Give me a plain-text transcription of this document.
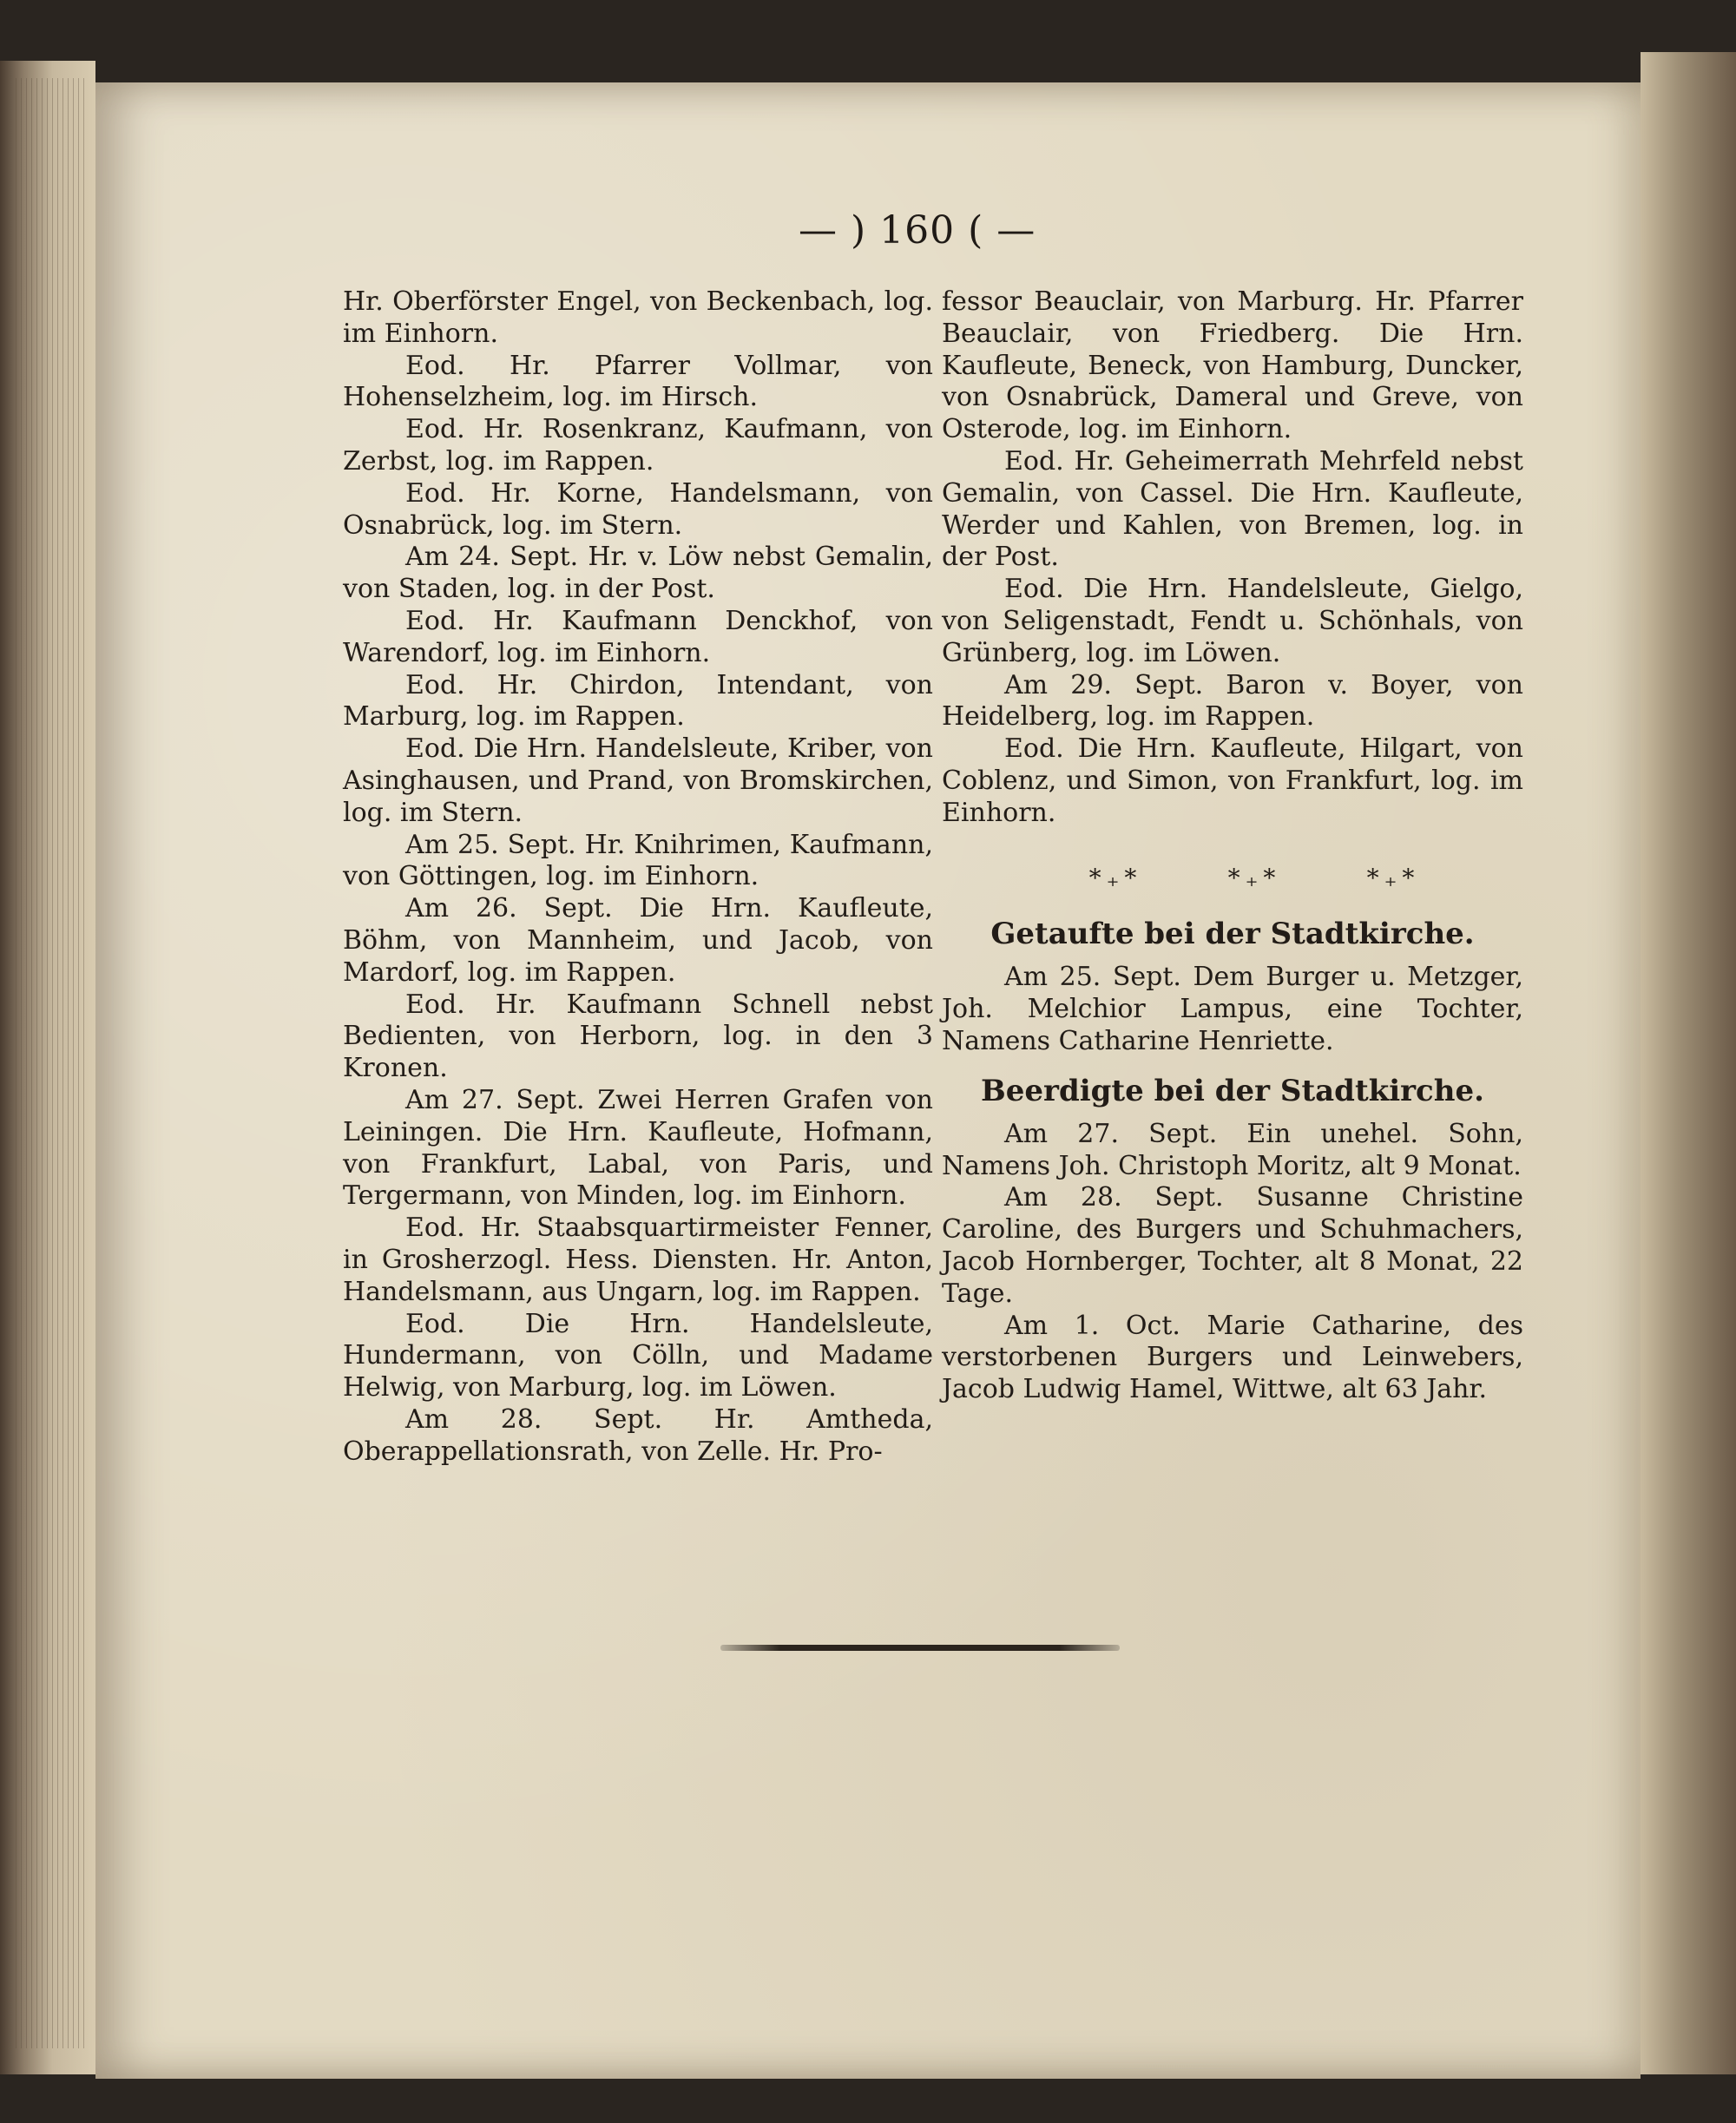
— ) 160 ( —

Hr. Oberförster Engel, von Beckenbach, log. im Einhorn.

Eod. Hr. Pfarrer Vollmar, von Hohenselzheim, log. im Hirsch.

Eod. Hr. Rosenkranz, Kaufmann, von Zerbst, log. im Rappen.

Eod. Hr. Korne, Handelsmann, von Osnabrück, log. im Stern.

Am 24. Sept. Hr. v. Löw nebst Gemalin, von Staden, log. in der Post.

Eod. Hr. Kaufmann Denckhof, von Warendorf, log. im Einhorn.

Eod. Hr. Chirdon, Intendant, von Marburg, log. im Rappen.

Eod. Die Hrn. Handelsleute, Kriber, von Asinghausen, und Prand, von Bromskirchen, log. im Stern.

Am 25. Sept. Hr. Knihrimen, Kaufmann, von Göttingen, log. im Einhorn.

Am 26. Sept. Die Hrn. Kaufleute, Böhm, von Mannheim, und Jacob, von Mardorf, log. im Rappen.

Eod. Hr. Kaufmann Schnell nebst Bedienten, von Herborn, log. in den 3 Kronen.

Am 27. Sept. Zwei Herren Grafen von Leiningen. Die Hrn. Kaufleute, Hofmann, von Frankfurt, Labal, von Paris, und Tergermann, von Minden, log. im Einhorn.

Eod. Hr. Staabsquartirmeister Fenner, in Grosherzogl. Hess. Diensten. Hr. Anton, Handelsmann, aus Ungarn, log. im Rappen.

Eod. Die Hrn. Handelsleute, Hundermann, von Cölln, und Madame Helwig, von Marburg, log. im Löwen.

Am 28. Sept. Hr. Amtheda, Oberappellationsrath, von Zelle. Hr. Pro-

fessor Beauclair, von Marburg. Hr. Pfarrer Beauclair, von Friedberg. Die Hrn. Kaufleute, Beneck, von Hamburg, Duncker, von Osnabrück, Dameral und Greve, von Osterode, log. im Einhorn.

Eod. Hr. Geheimerrath Mehrfeld nebst Gemalin, von Cassel. Die Hrn. Kaufleute, Werder und Kahlen, von Bremen, log. in der Post.

Eod. Die Hrn. Handelsleute, Gielgo, von Seligenstadt, Fendt u. Schönhals, von Grünberg, log. im Löwen.

Am 29. Sept. Baron v. Boyer, von Heidelberg, log. im Rappen.

Eod. Die Hrn. Kaufleute, Hilgart, von Coblenz, und Simon, von Frankfurt, log. im Einhorn.

*₊*	*₊*	*₊*
Getaufte bei der Stadtkirche.

Am 25. Sept. Dem Burger u. Metzger, Joh. Melchior Lampus, eine Tochter, Namens Catharine Henriette.

Beerdigte bei der Stadtkirche.

Am 27. Sept. Ein unehel. Sohn, Namens Joh. Christoph Moritz, alt 9 Monat.

Am 28. Sept. Susanne Christine Caroline, des Burgers und Schuhmachers, Jacob Hornberger, Tochter, alt 8 Monat, 22 Tage.

Am 1. Oct. Marie Catharine, des verstorbenen Burgers und Leinwebers, Jacob Ludwig Hamel, Wittwe, alt 63 Jahr.
